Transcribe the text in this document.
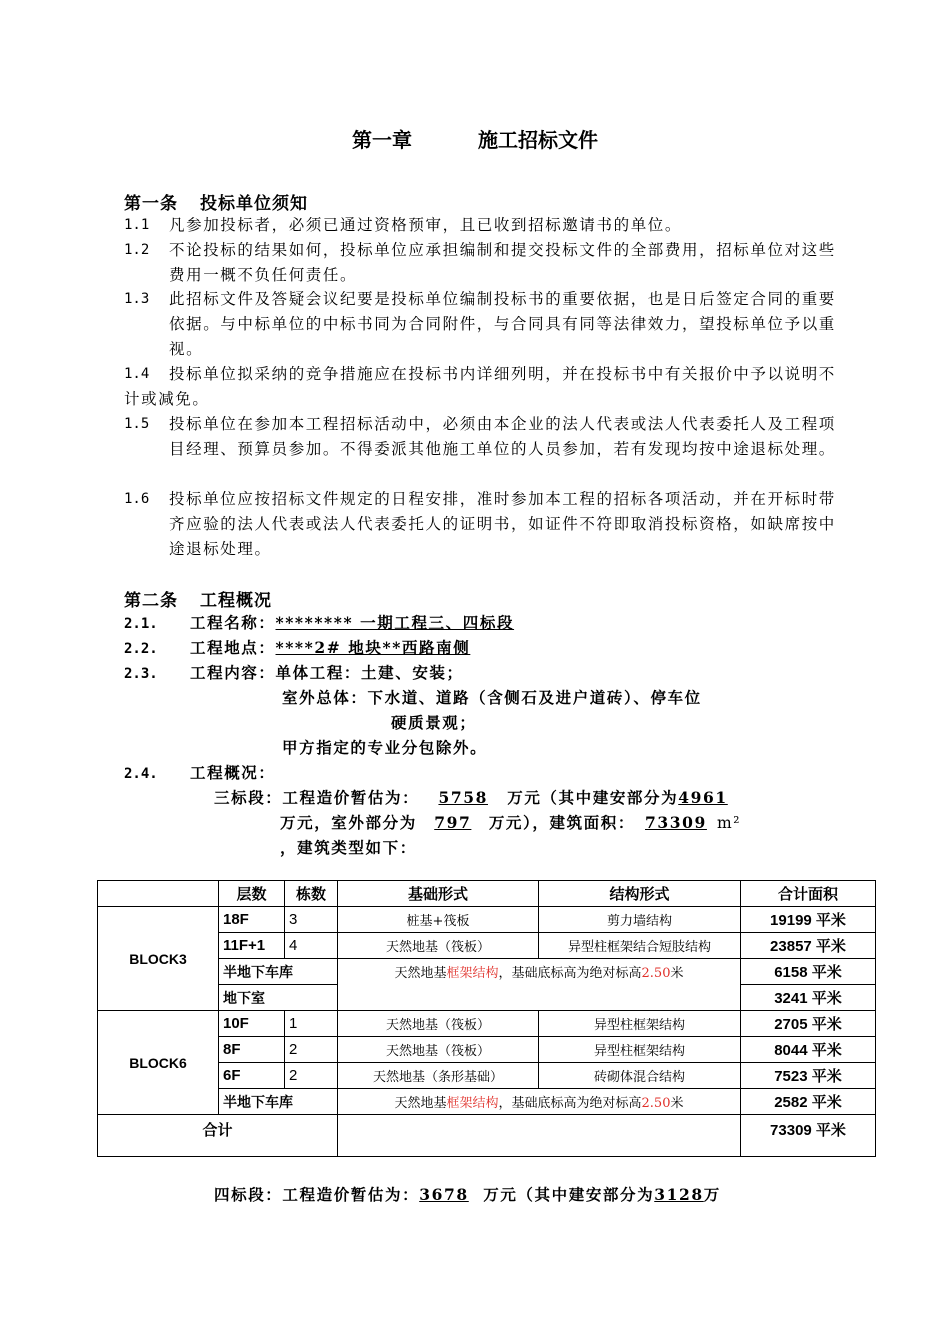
第一章	施工招标文件
第一条 投标单位须知
1.1	凡参加投标者，必须已通过资格预审，且已收到招标邀请书的单位。
1.2	不论投标的结果如何，投标单位应承担编制和提交投标文件的全部费用，招标单位对这些费用一概不负任何责任。
1.3	此招标文件及答疑会议纪要是投标单位编制投标书的重要依据，也是日后签定合同的重要依据。与中标单位的中标书同为合同附件，与合同具有同等法律效力，望投标单位予以重视。
1.4	投标单位拟采纳的竞争措施应在投标书内详细列明，并在投标书中有关报价中予以说明不计或减免。
1.5	投标单位在参加本工程招标活动中，必须由本企业的法人代表或法人代表委托人及工程项目经理、预算员参加。不得委派其他施工单位的人员参加，若有发现均按中途退标处理。
1.6	投标单位应按招标文件规定的日程安排，准时参加本工程的招标各项活动，并在开标时带齐应验的法人代表或法人代表委托人的证明书，如证件不符即取消投标资格，如缺席按中途退标处理。
第二条 工程概况
2.1. 工程名称：******** 一期工程三、四标段
2.2. 工程地点：****2# 地块**西路南侧
2.3. 工程内容：单体工程：土建、安装；
室外总体：下水道、道路（含侧石及进户道砖）、停车位
硬质景观；
甲方指定的专业分包除外。
2.4. 工程概况：
三标段：工程造价暂估为： 5758 万元（其中建安部分为4961
万元，室外部分为 797 万元），建筑面积： 73309 m²
，建筑类型如下：
	层数	栋数	基础形式	结构形式	合计面积
BLOCK3	18F	3	桩基+筏板	剪力墙结构	19199 平米
	11F+1	4	天然地基（筏板）	异型柱框架结合短肢结构	23857 平米
	半地下车库		天然地基框架结构，基础底标高为绝对标高2.50米		6158 平米
	地下室				3241 平米
BLOCK6	10F	1	天然地基（筏板）	异型柱框架结构	2705 平米
	8F	2	天然地基（筏板）	异型柱框架结构	8044 平米
	6F	2	天然地基（条形基础）	砖砌体混合结构	7523 平米
	半地下车库		天然地基框架结构，基础底标高为绝对标高2.50米		2582 平米
合计					73309 平米
四标段：工程造价暂估为：3678 万元（其中建安部分为3128万
